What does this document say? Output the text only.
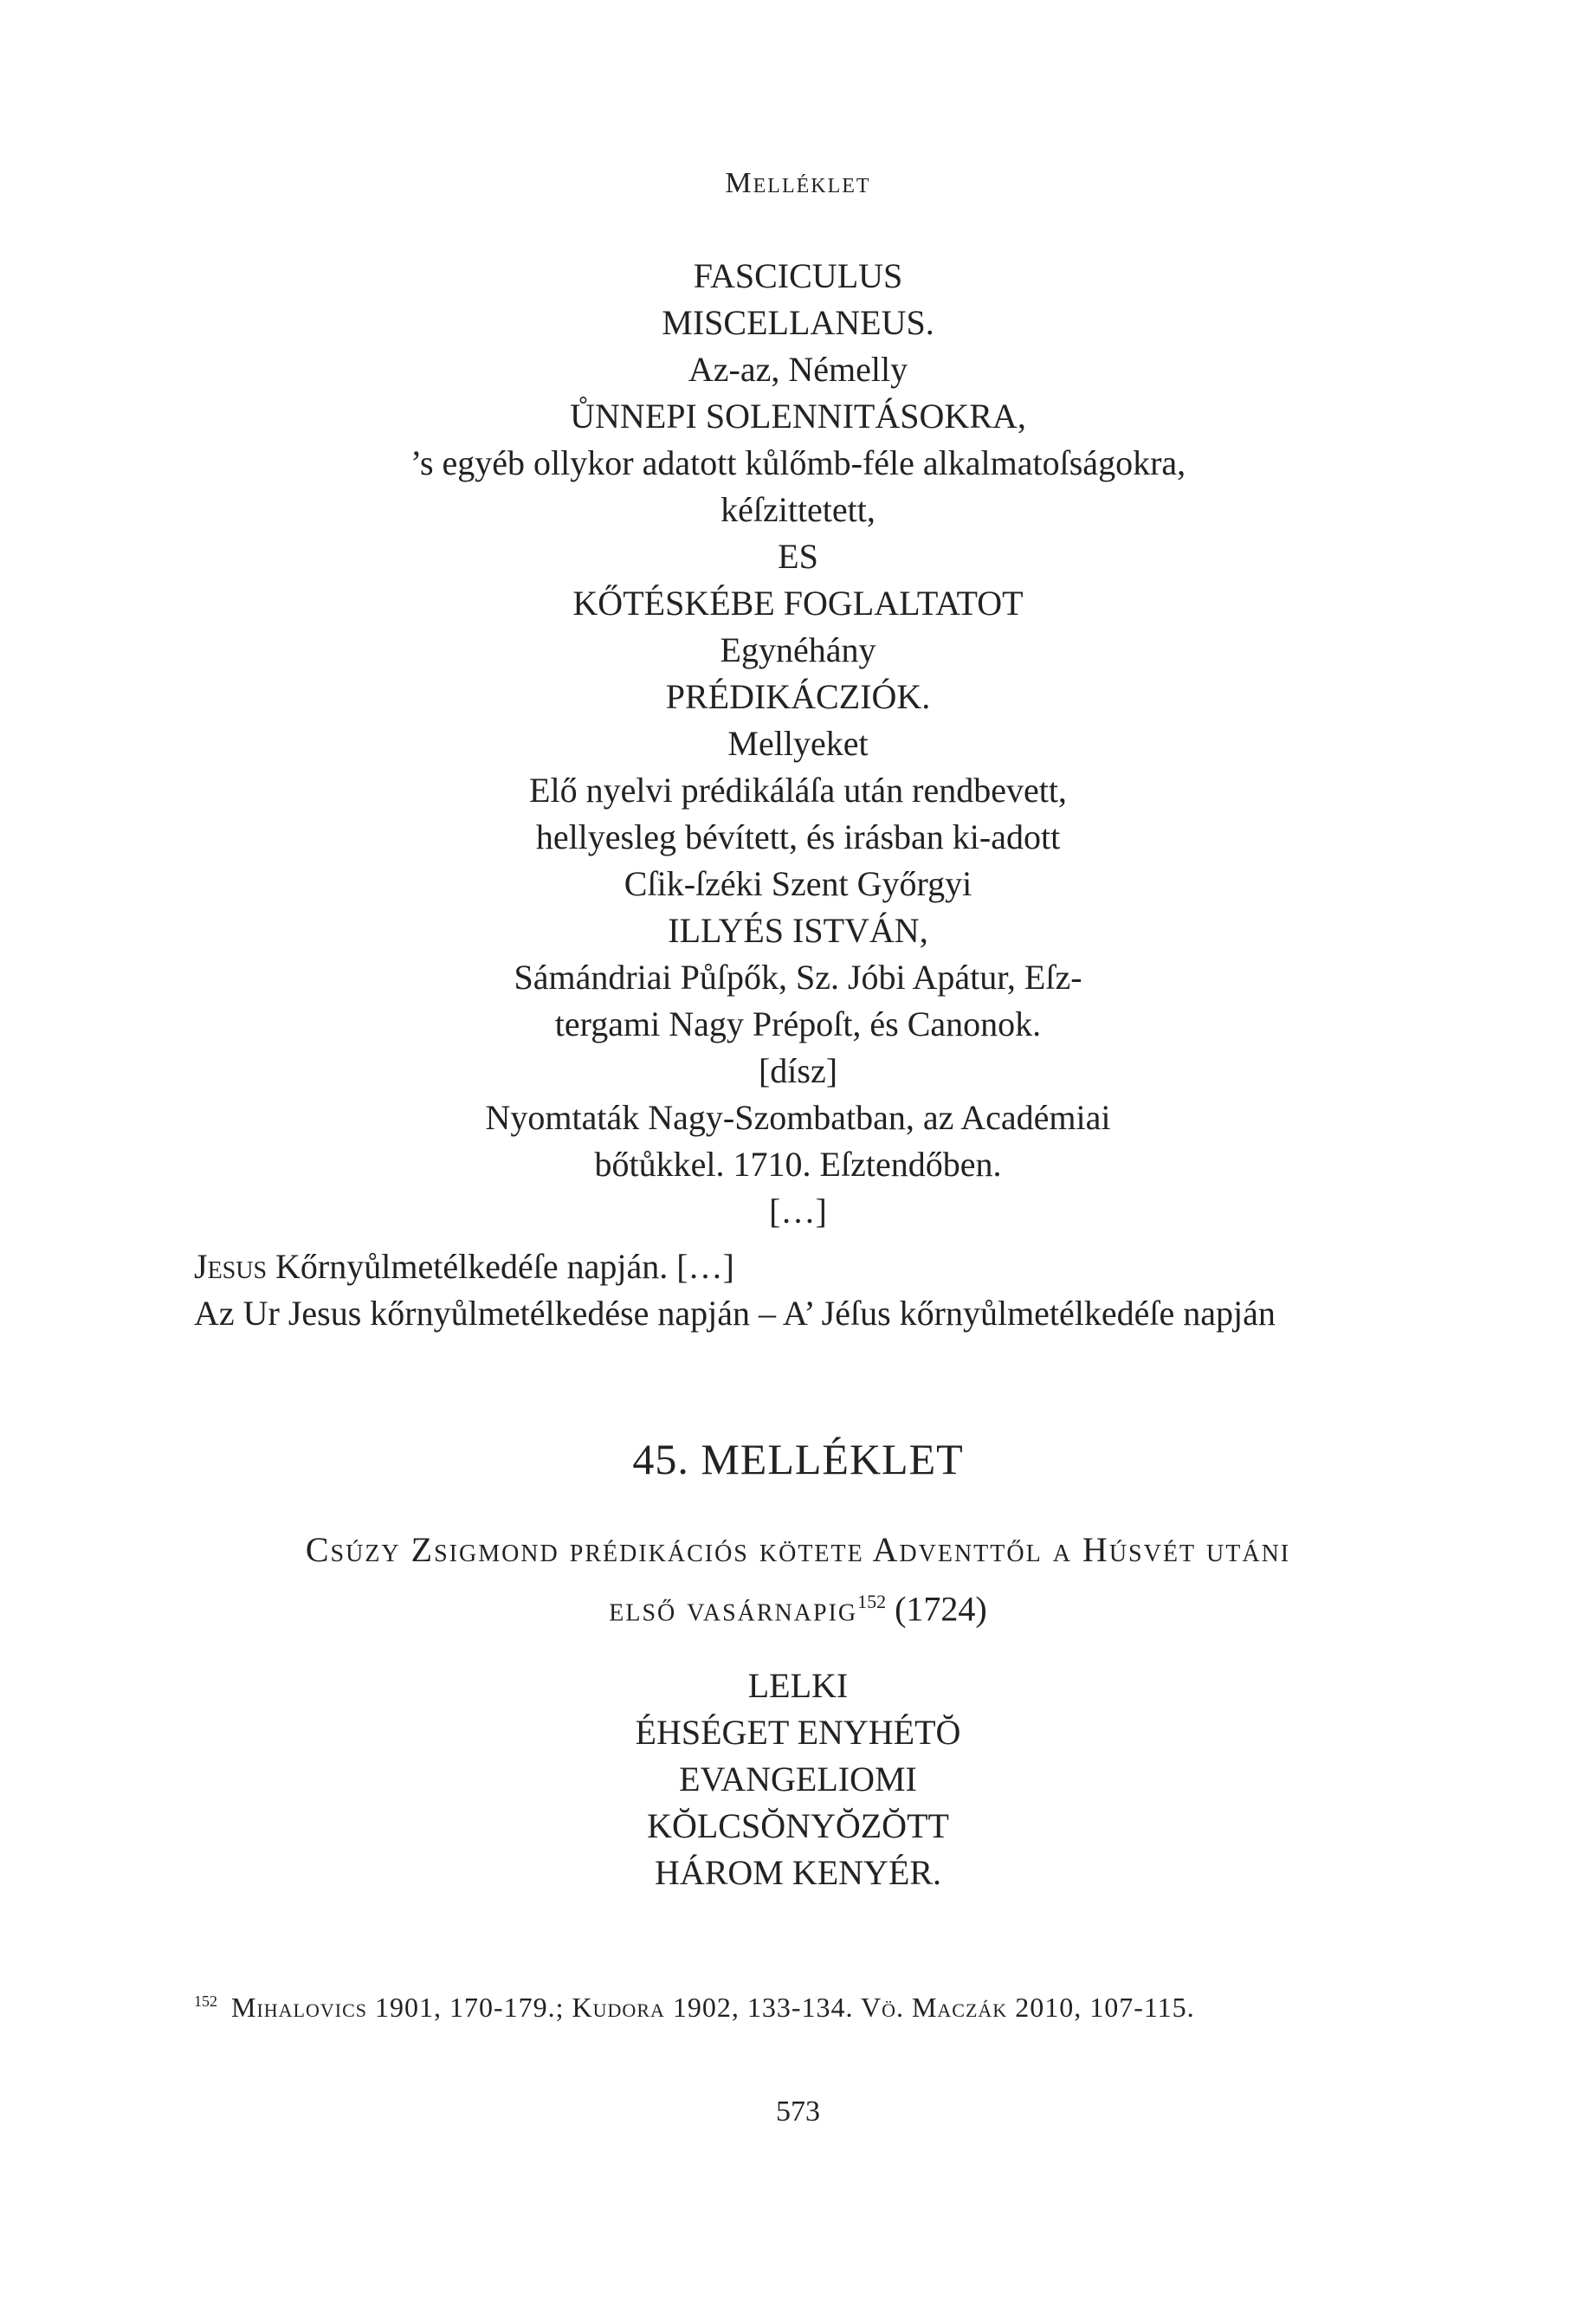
Melléklet
FASCICULUS
MISCELLANEUS.
Az-az, Némelly
ŮNNEPI SOLENNITÁSOKRA,
’s egyéb ollykor adatott kůlőmb-féle alkalmatoſságokra,
kéſzittetett,
ES
KŐTÉSKÉBE FOGLALTATOT
Egynéhány
PRÉDIKÁCZIÓK.
Mellyeket
Elő nyelvi prédikáláſa után rendbevett,
hellyesleg bévített, és irásban ki-adott
Cſik-ſzéki Szent Győrgyi
ILLYÉS ISTVÁN,
Sámándriai Půſpők, Sz. Jóbi Apátur, Eſz-
tergami Nagy Prépoſt, és Canonok.
[dísz]
Nyomtaták Nagy-Szombatban, az Académiai
bőtůkkel. 1710. Eſztendőben.
[…]
Jesus Kőrnyůlmetélkedéſe napján. […]
Az Ur Jesus kőrnyůlmetélkedése napján – A’ Jéſus kőrnyůlmetélkedéſe napján
45. MELLÉKLET
Csúzy Zsigmond prédikációs kötete Adventtől a Húsvét utáni
első vasárnapig$^{152}$ (1724)
LELKI
ÉHSÉGET ENYHÉTŎ
EVANGELIOMI
KŎLCSŎNYŎZŎTT
HÁROM KENYÉR.
$^{152}$ Mihalovics 1901, 170-179.; Kudora 1902, 133-134. Vö. Maczák 2010, 107-115.
573
